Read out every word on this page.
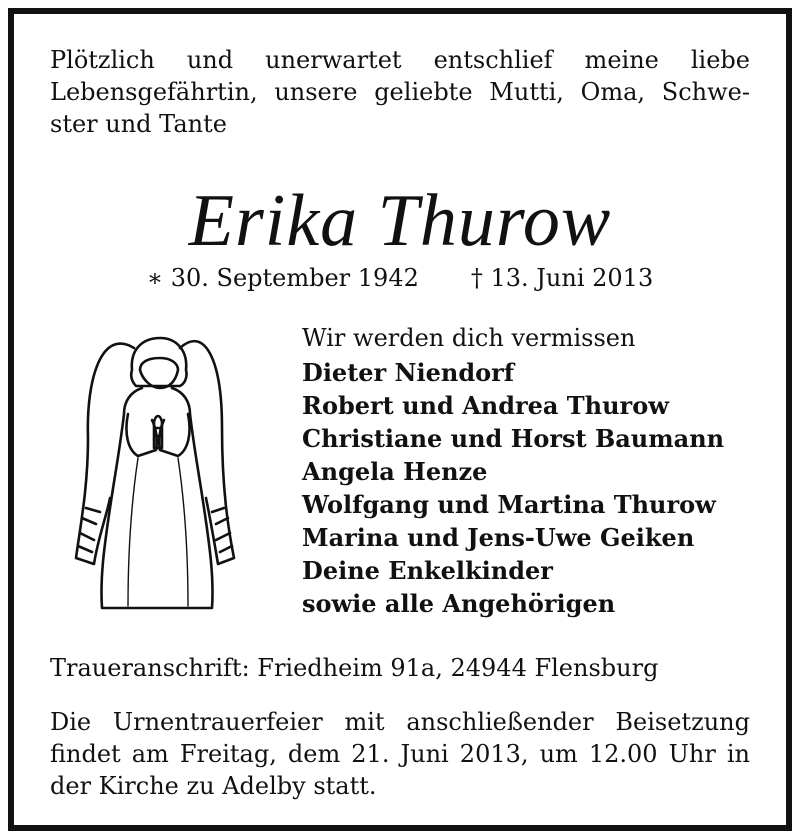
Plötzlich und unerwartet entschlief meine liebe
Lebensgefährtin, unsere geliebte Mutti, Oma, Schwe-
ster und Tante

Erika Thurow
∗ 30. September 1942 † 13. Juni 2013

Wir werden dich vermissen

Dieter Niendorf
Robert und Andrea Thurow
Christiane und Horst Baumann
Angela Henze
Wolfgang und Martina Thurow
Marina und Jens-Uwe Geiken
Deine Enkelkinder
sowie alle Angehörigen

Traueranschrift: Friedheim 91a, 24944 Flensburg

Die Urnentrauerfeier mit anschließender Beisetzung
findet am Freitag, dem 21. Juni 2013, um 12.00 Uhr in
der Kirche zu Adelby statt.
